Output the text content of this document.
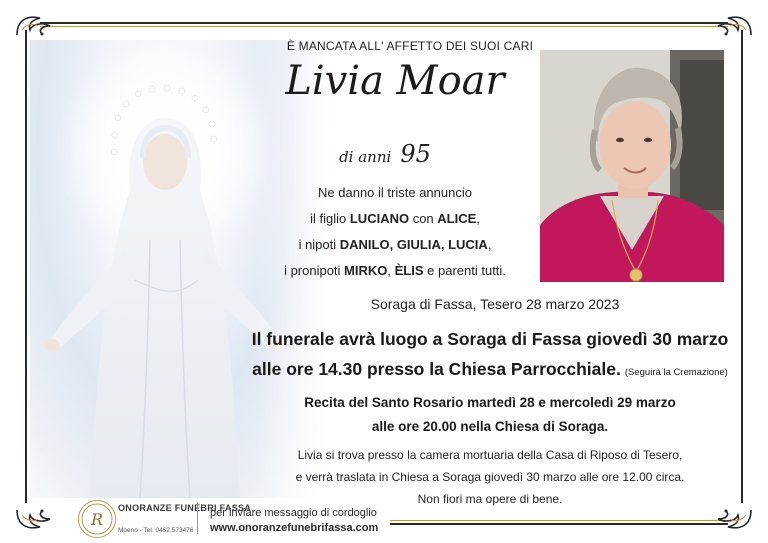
È MANCATA ALL' AFFETTO DEI SUOI CARI
Livia Moar
di anni 95
Ne danno il triste annuncio
il figlio LUCIANO con ALICE,
i nipoti DANILO, GIULIA, LUCIA,
i pronipoti MIRKO, ÈLIS e parenti tutti.
Soraga di Fassa, Tesero 28 marzo 2023
Il funerale avrà luogo a Soraga di Fassa giovedì 30 marzo
alle ore 14.30 presso la Chiesa Parrocchiale. (Seguirà la Cremazione)
Recita del Santo Rosario martedì 28 e mercoledì 29 marzo
alle ore 20.00 nella Chiesa di Soraga.
Livia si trova presso la camera mortuaria della Casa di Riposo di Tesero,
e verrà traslata in Chiesa a Soraga giovedì 30 marzo alle ore 12.00 circa.
Non fiori ma opere di bene.
R
ONORANZE FUNEBRI FASSA
Moeno - Tel. 0462.573476
per inviare messaggio di cordoglio
www.onoranzefunebrifassa.com
